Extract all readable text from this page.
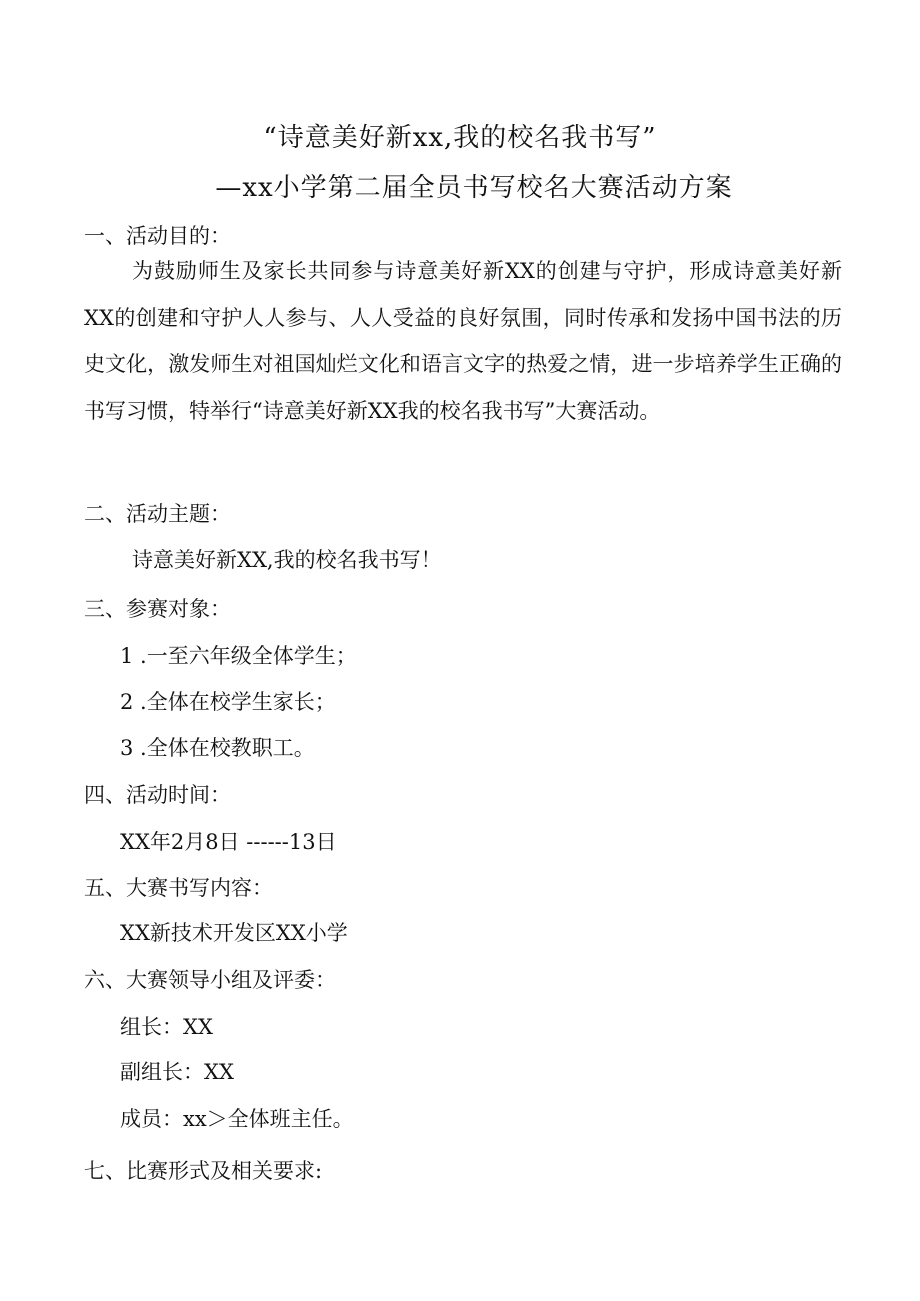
“诗意美好新xx,我的校名我书写”
—xx小学第二届全员书写校名大赛活动方案
一、活动目的：
为鼓励师生及家长共同参与诗意美好新XX的创建与守护，形成诗意美好新XX的创建和守护人人参与、人人受益的良好氛围，同时传承和发扬中国书法的历史文化，激发师生对祖国灿烂文化和语言文字的热爱之情，进一步培养学生正确的书写习惯，特举行“诗意美好新XX我的校名我书写”大赛活动。
二、活动主题：
诗意美好新XX,我的校名我书写！
三、参赛对象：
1 .一至六年级全体学生；
2 .全体在校学生家长；
3 .全体在校教职工。
四、活动时间：
XX年2月8日 ------13日
五、大赛书写内容：
XX新技术开发区XX小学
六、大赛领导小组及评委：
组长：XX
副组长：XX
成员：xx＞全体班主任。
七、比赛形式及相关要求:
